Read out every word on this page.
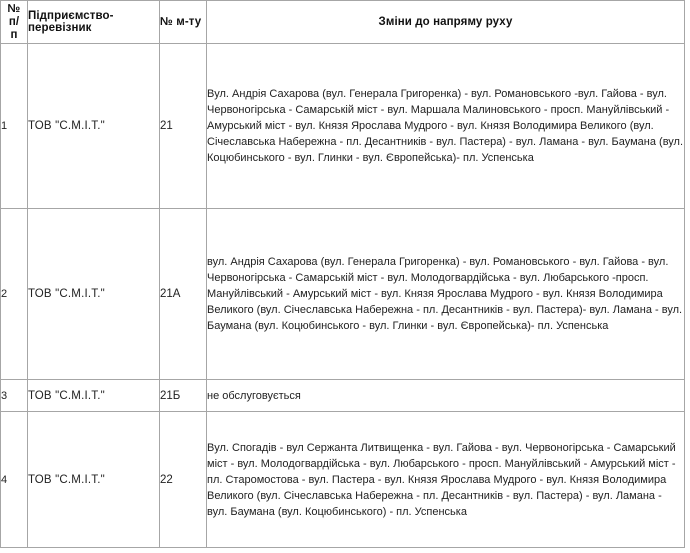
№ п/
п	Підприємство-перевізник	№ м-ту	Зміни до напряму руху
1	ТОВ "С.М.І.Т."	21	Вул. Андрія Сахарова (вул. Генерала Григоренка) - вул. Романовського -вул. Гайова - вул. Червоногірська - Самарській міст - вул. Маршала Малиновського - просп. Мануйлівський - Амурський міст - вул. Князя Ярослава Мудрого - вул. Князя Володимира Великого (вул. Січеславська Набережна - пл. Десантників - вул. Пастера) - вул. Ламана - вул. Баумана (вул. Коцюбинського - вул. Глинки - вул. Європейська)- пл. Успенська
2	ТОВ "С.М.І.Т."	21А	вул. Андрія Сахарова (вул. Генерала Григоренка) - вул. Романовського - вул. Гайова - вул. Червоногірська - Самарській міст - вул. Молодогвардійська - вул. Любарського -просп. Мануйлівський - Амурський міст - вул. Князя Ярослава Мудрого - вул. Князя Володимира Великого (вул. Січеславська Набережна - пл. Десантників - вул. Пастера)- вул. Ламана - вул. Баумана (вул. Коцюбинського - вул. Глинки - вул. Європейська)- пл. Успенська
3	ТОВ "С.М.І.Т."	21Б	не обслуговується
4	ТОВ "С.М.І.Т."	22	Вул. Спогадів - вул Сержанта Литвищенка - вул. Гайова - вул. Червоногірська - Самарський міст - вул. Молодогвардійська - вул. Любарського - просп. Мануйлівський - Амурський міст - пл. Старомостова - вул. Пастера - вул. Князя Ярослава Мудрого - вул. Князя Володимира Великого (вул. Січеславська Набережна - пл. Десантників - вул. Пастера) - вул. Ламана - вул. Баумана (вул. Коцюбинського) - пл. Успенська
